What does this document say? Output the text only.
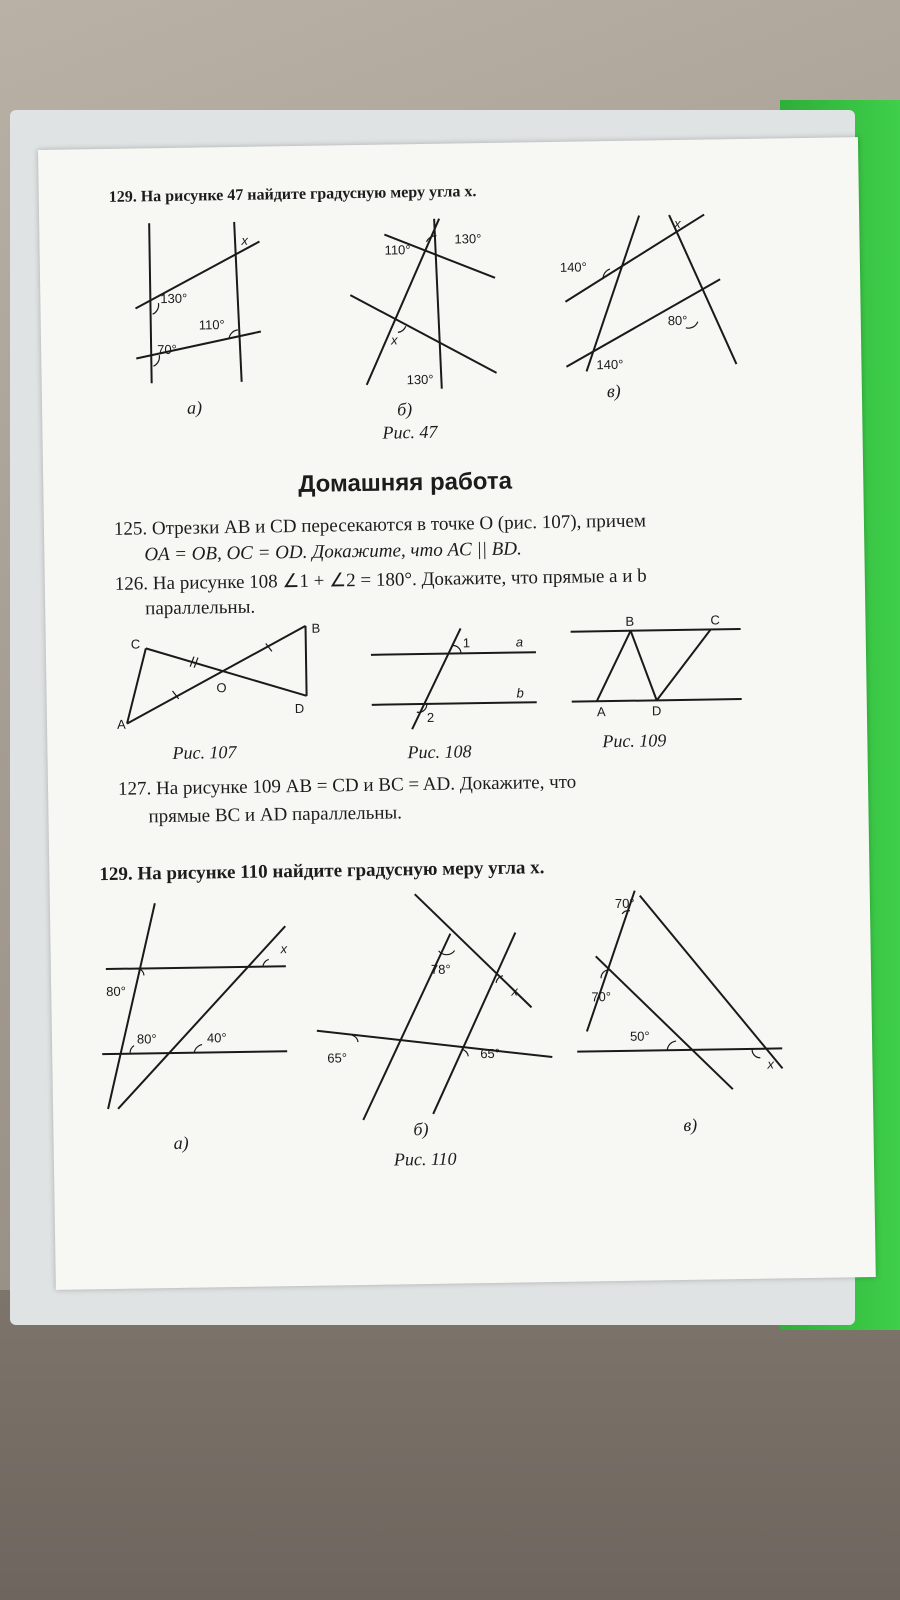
129. На рисунке 47 найдите градусную меру угла х.
130°
110°
70°
x
110°
130°
130°
x
140°
80°
140°
x
а)	б)
в)
Рис. 47
Домашняя работа
125. Отрезки AB и CD пересекаются в точке O (рис. 107), причем
OA = OB, OC = OD. Докажите, что AC || BD.
126. На рисунке 108 ∠1 + ∠2 = 180°. Докажите, что прямые a и b
параллельны.
C
B
O
A
D
Рис. 107
1	a
b
2
Рис. 108
B	C
A	D
Рис. 109
127. На рисунке 109 AB = CD и BC = AD. Докажите, что
прямые BC и AD параллельны.
129. На рисунке 110 найдите градусную меру угла x.
80°
80°	40°
x
78°
65°	65°
x
70°
70°
50°
x
а)
б)	в)
Рис. 110
